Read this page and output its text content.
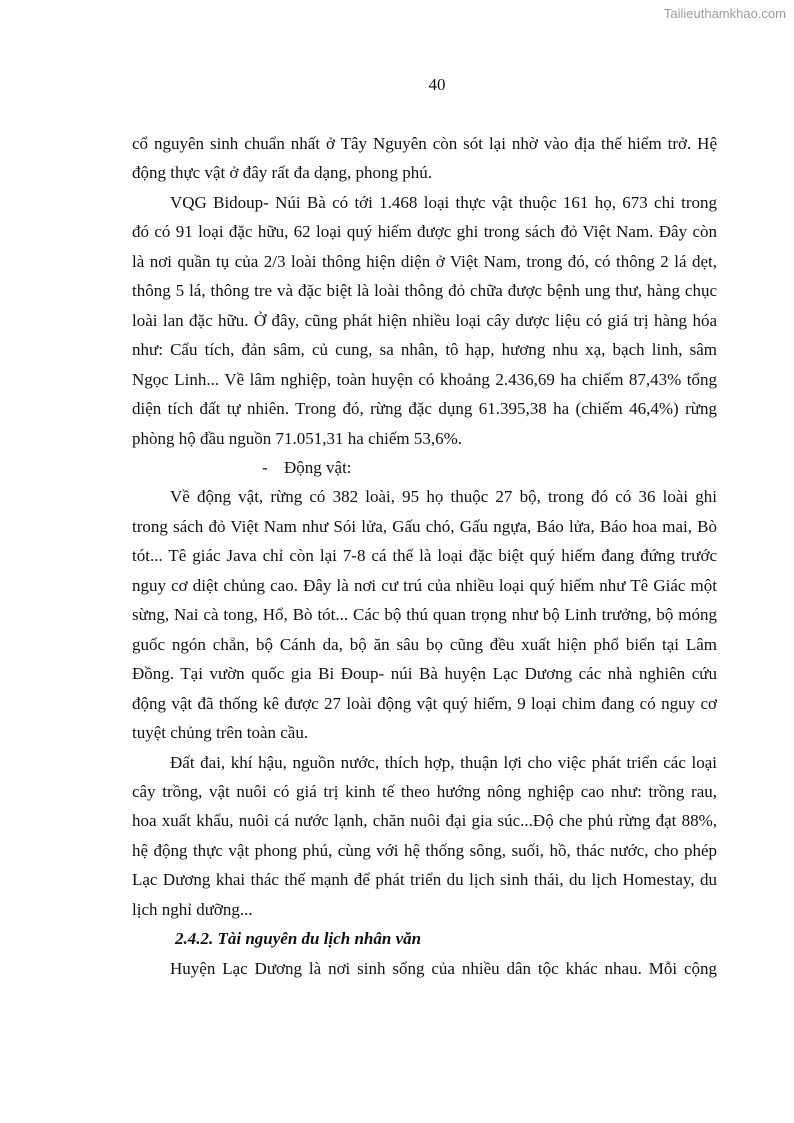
Tailieuthamkhao.com
40
cổ nguyên sinh chuẩn nhất ở Tây Nguyên còn sót lại nhờ vào địa thế hiểm trở. Hệ
động thực vật ở đây rất đa dạng, phong phú.
VQG Bidoup- Núi Bà có tới 1.468 loại thực vật thuộc 161 họ, 673 chi trong
đó có 91 loại đặc hữu, 62 loại quý hiếm được ghi trong sách đỏ Việt Nam. Đây còn
là nơi quần tụ của 2/3 loài thông hiện diện ở Việt Nam, trong đó, có thông 2 lá dẹt,
thông 5 lá, thông tre và đặc biệt là loài thông đỏ chữa được bệnh ung thư, hàng chục
loài lan đặc hữu. Ở đây, cũng phát hiện nhiều loại cây dược liệu có giá trị hàng hóa
như: Cẩu tích, đản sâm, củ cung, sa nhân, tô hạp, hương nhu xạ, bạch linh, sâm
Ngọc Linh... Về lâm nghiệp, toàn huyện có khoảng 2.436,69 ha chiếm 87,43% tổng
diện tích đất tự nhiên. Trong đó, rừng đặc dụng 61.395,38 ha (chiếm 46,4%) rừng
phòng hộ đầu nguồn 71.051,31 ha chiếm 53,6%.
- Động vật:
Về động vật, rừng có 382 loài, 95 họ thuộc 27 bộ, trong đó có 36 loài ghi
trong sách đỏ Việt Nam như Sói lửa, Gấu chó, Gấu ngựa, Báo lửa, Báo hoa mai, Bò
tót... Tê giác Java chỉ còn lại 7-8 cá thể là loại đặc biệt quý hiếm đang đứng trước
nguy cơ diệt chủng cao. Đây là nơi cư trú của nhiều loại quý hiếm như Tê Giác một
sừng, Nai cà tong, Hổ, Bò tót... Các bộ thú quan trọng như bộ Linh trưởng, bộ móng
guốc ngón chẵn, bộ Cánh da, bộ ăn sâu bọ cũng đều xuất hiện phổ biến tại Lâm
Đồng. Tại vườn quốc gia Bi Đoup- núi Bà huyện Lạc Dương các nhà nghiên cứu
động vật đã thống kê được 27 loài động vật quý hiếm, 9 loại chim đang có nguy cơ
tuyệt chủng trên toàn cầu.
Đất đai, khí hậu, nguồn nước, thích hợp, thuận lợi cho việc phát triển các loại
cây trồng, vật nuôi có giá trị kinh tế theo hướng nông nghiệp cao như: trồng rau,
hoa xuất khẩu, nuôi cá nước lạnh, chăn nuôi đại gia súc...Độ che phủ rừng đạt 88%,
hệ động thực vật phong phú, cùng với hệ thống sông, suối, hồ, thác nước, cho phép
Lạc Dương khai thác thế mạnh để phát triển du lịch sinh thái, du lịch Homestay, du
lịch nghỉ dưỡng...
2.4.2. Tài nguyên du lịch nhân văn
Huyện Lạc Dương là nơi sinh sống của nhiều dân tộc khác nhau. Mỗi cộng
